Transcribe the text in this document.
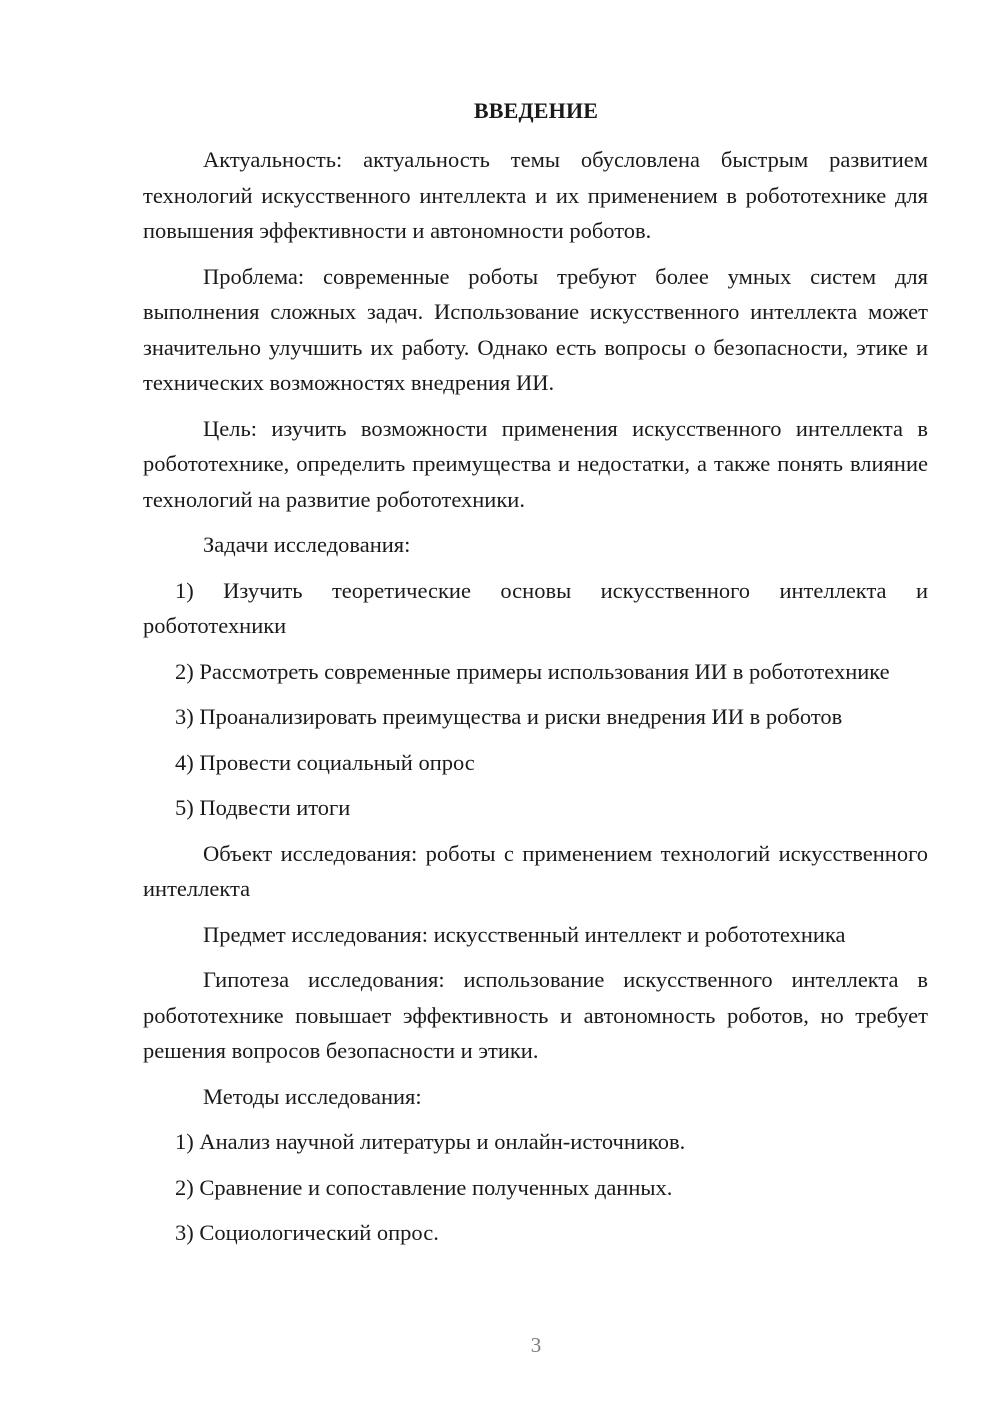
ВВЕДЕНИЕ

Актуальность: актуальность темы обусловлена быстрым развитием технологий искусственного интеллекта и их применением в робототехнике для повышения эффективности и автономности роботов.

Проблема: современные роботы требуют более умных систем для выполнения сложных задач. Использование искусственного интеллекта может значительно улучшить их работу. Однако есть вопросы о безопасности, этике и технических возможностях внедрения ИИ.

Цель: изучить возможности применения искусственного интеллекта в робототехнике, определить преимущества и недостатки, а также понять влияние технологий на развитие робототехники.

Задачи исследования:

1) Изучить теоретические основы искусственного интеллекта и робототехники

2) Рассмотреть современные примеры использования ИИ в робототехнике

3) Проанализировать преимущества и риски внедрения ИИ в роботов

4) Провести социальный опрос

5) Подвести итоги

Объект исследования: роботы с применением технологий искусственного интеллекта

Предмет исследования: искусственный интеллект и робототехника

Гипотеза исследования: использование искусственного интеллекта в робототехнике повышает эффективность и автономность роботов, но требует решения вопросов безопасности и этики.

Методы исследования:

1) Анализ научной литературы и онлайн-источников.

2) Сравнение и сопоставление полученных данных.

3) Социологический опрос.

3
